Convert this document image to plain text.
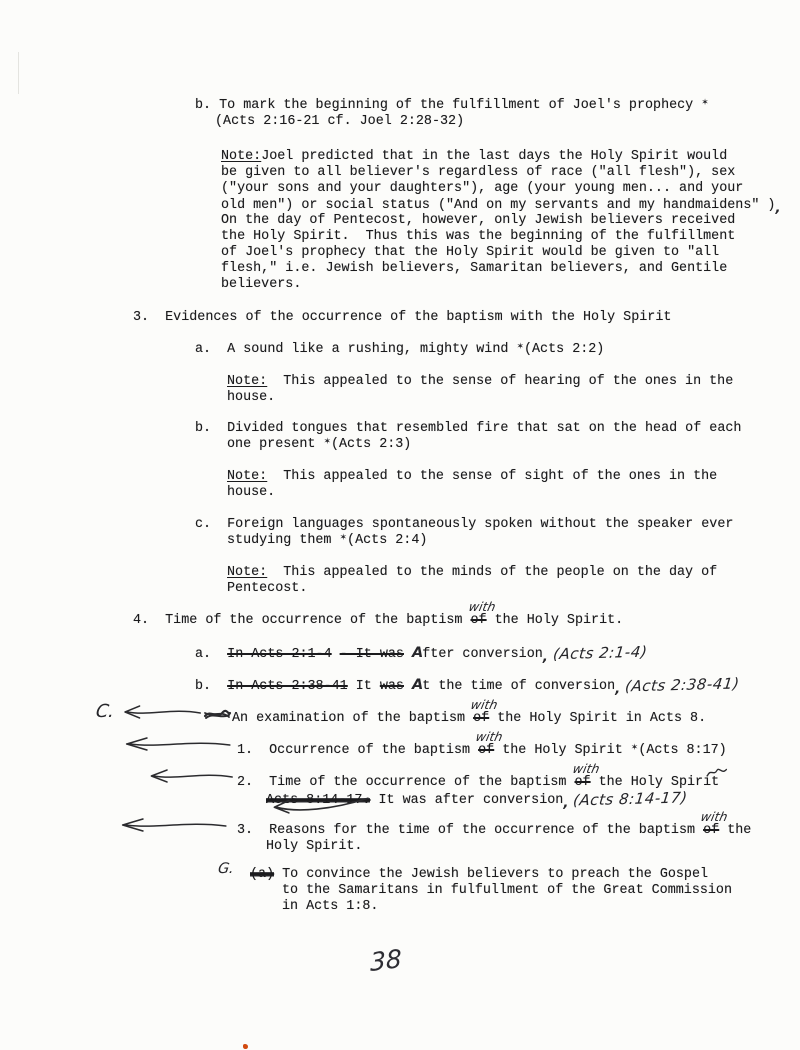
b. To mark the beginning of the fulfillment of Joel's prophecy ✶
(Acts 2:16-21 cf. Joel 2:28-32)
Note:Joel predicted that in the last days the Holy Spirit would
be given to all believer's regardless of race ("all flesh"), sex
("your sons and your daughters"), age (your young men... and your
old men") or social status ("And on my servants and my handmaidens" ),
On the day of Pentecost, however, only Jewish believers received
the Holy Spirit.  Thus this was the beginning of the fulfillment
of Joel's prophecy that the Holy Spirit would be given to "all
flesh," i.e. Jewish believers, Samaritan believers, and Gentile
believers.
3.  Evidences of the occurrence of the baptism with the Holy Spirit
a.  A sound like a rushing, mighty wind ✶(Acts 2:2)
Note:  This appealed to the sense of hearing of the ones in the
house.
b.  Divided tongues that resembled fire that sat on the head of each
one present ✶(Acts 2:3)
Note:  This appealed to the sense of sight of the ones in the
house.
c.  Foreign languages spontaneously spoken without the speaker ever
studying them ✶(Acts 2:4)
Note:  This appealed to the minds of the people on the day of
Pentecost.
4.  Time of the occurrence of the baptism
with
of the Holy Spirit.
a.  In Acts 2:1-4 - It was After conversion, (Acts 2:1-4)
b.  In Acts 2:38-41 It was At the time of conversion, (Acts 2:38-41)
An examination of the baptism
with
of the Holy Spirit in Acts 8.
1.  Occurrence of the baptism
with
of the Holy Spirit ✶(Acts 8:17)
2.  Time of the occurrence of the baptism
with
of the Holy Spirit
Acts 8:14-17. It was after conversion, (Acts 8:14-17)
3.  Reasons for the time of the occurrence of the baptism
with
of the
Holy Spirit.
(a) To convince the Jewish believers to preach the Gospel
to the Samaritans in fulfullment of the Great Commission
in Acts 1:8.
C.
G.
38
